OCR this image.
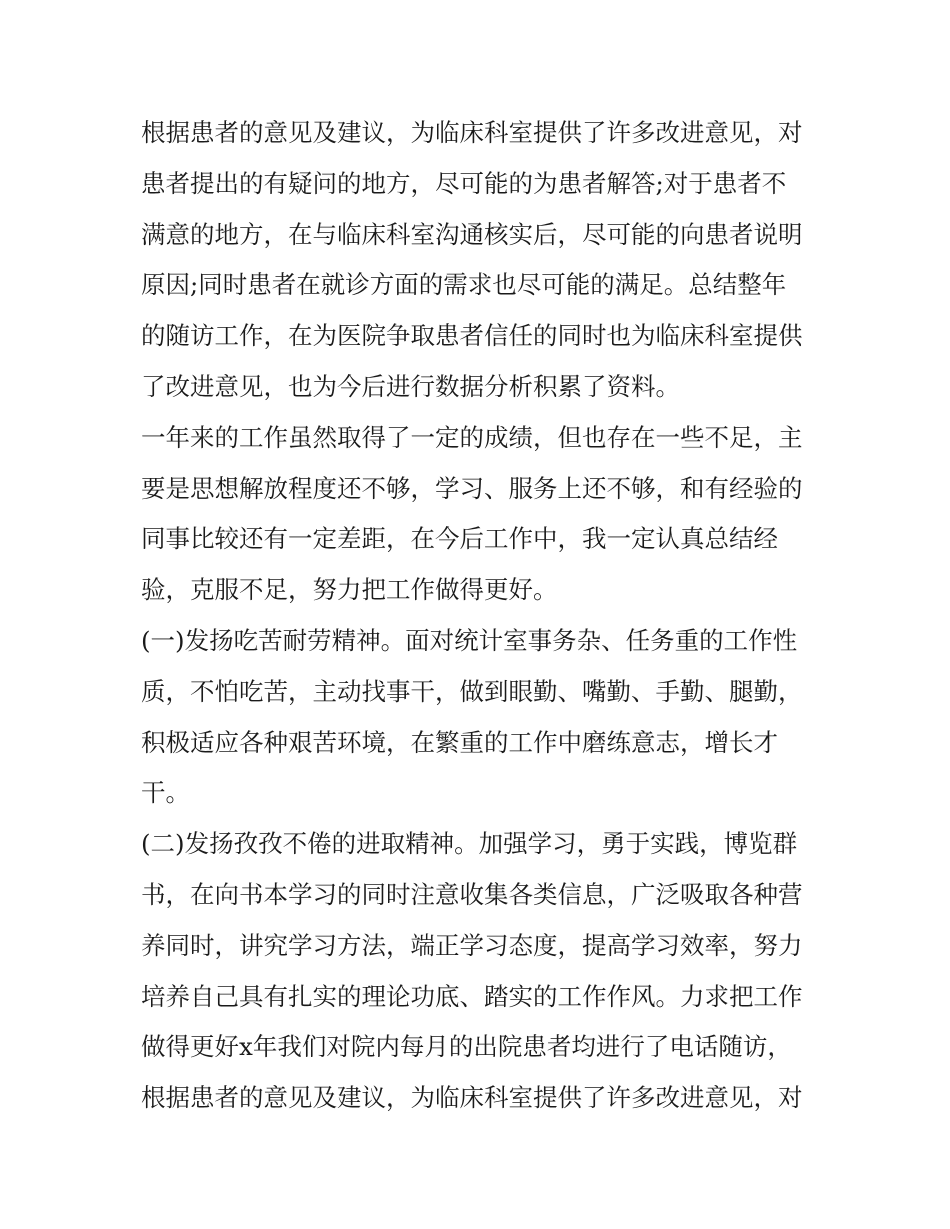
根据患者的意见及建议，为临床科室提供了许多改进意见，对
患者提出的有疑问的地方，尽可能的为患者解答;对于患者不
满意的地方，在与临床科室沟通核实后，尽可能的向患者说明
原因;同时患者在就诊方面的需求也尽可能的满足。总结整年
的随访工作，在为医院争取患者信任的同时也为临床科室提供
了改进意见，也为今后进行数据分析积累了资料。
一年来的工作虽然取得了一定的成绩，但也存在一些不足，主
要是思想解放程度还不够，学习、服务上还不够，和有经验的
同事比较还有一定差距，在今后工作中，我一定认真总结经
验，克服不足，努力把工作做得更好。
(一)发扬吃苦耐劳精神。面对统计室事务杂、任务重的工作性
质，不怕吃苦，主动找事干，做到眼勤、嘴勤、手勤、腿勤，
积极适应各种艰苦环境，在繁重的工作中磨练意志，增长才
干。
(二)发扬孜孜不倦的进取精神。加强学习，勇于实践，博览群
书，在向书本学习的同时注意收集各类信息，广泛吸取各种营
养同时，讲究学习方法，端正学习态度，提高学习效率，努力
培养自己具有扎实的理论功底、踏实的工作作风。力求把工作
做得更好x年我们对院内每月的出院患者均进行了电话随访，
根据患者的意见及建议，为临床科室提供了许多改进意见，对
